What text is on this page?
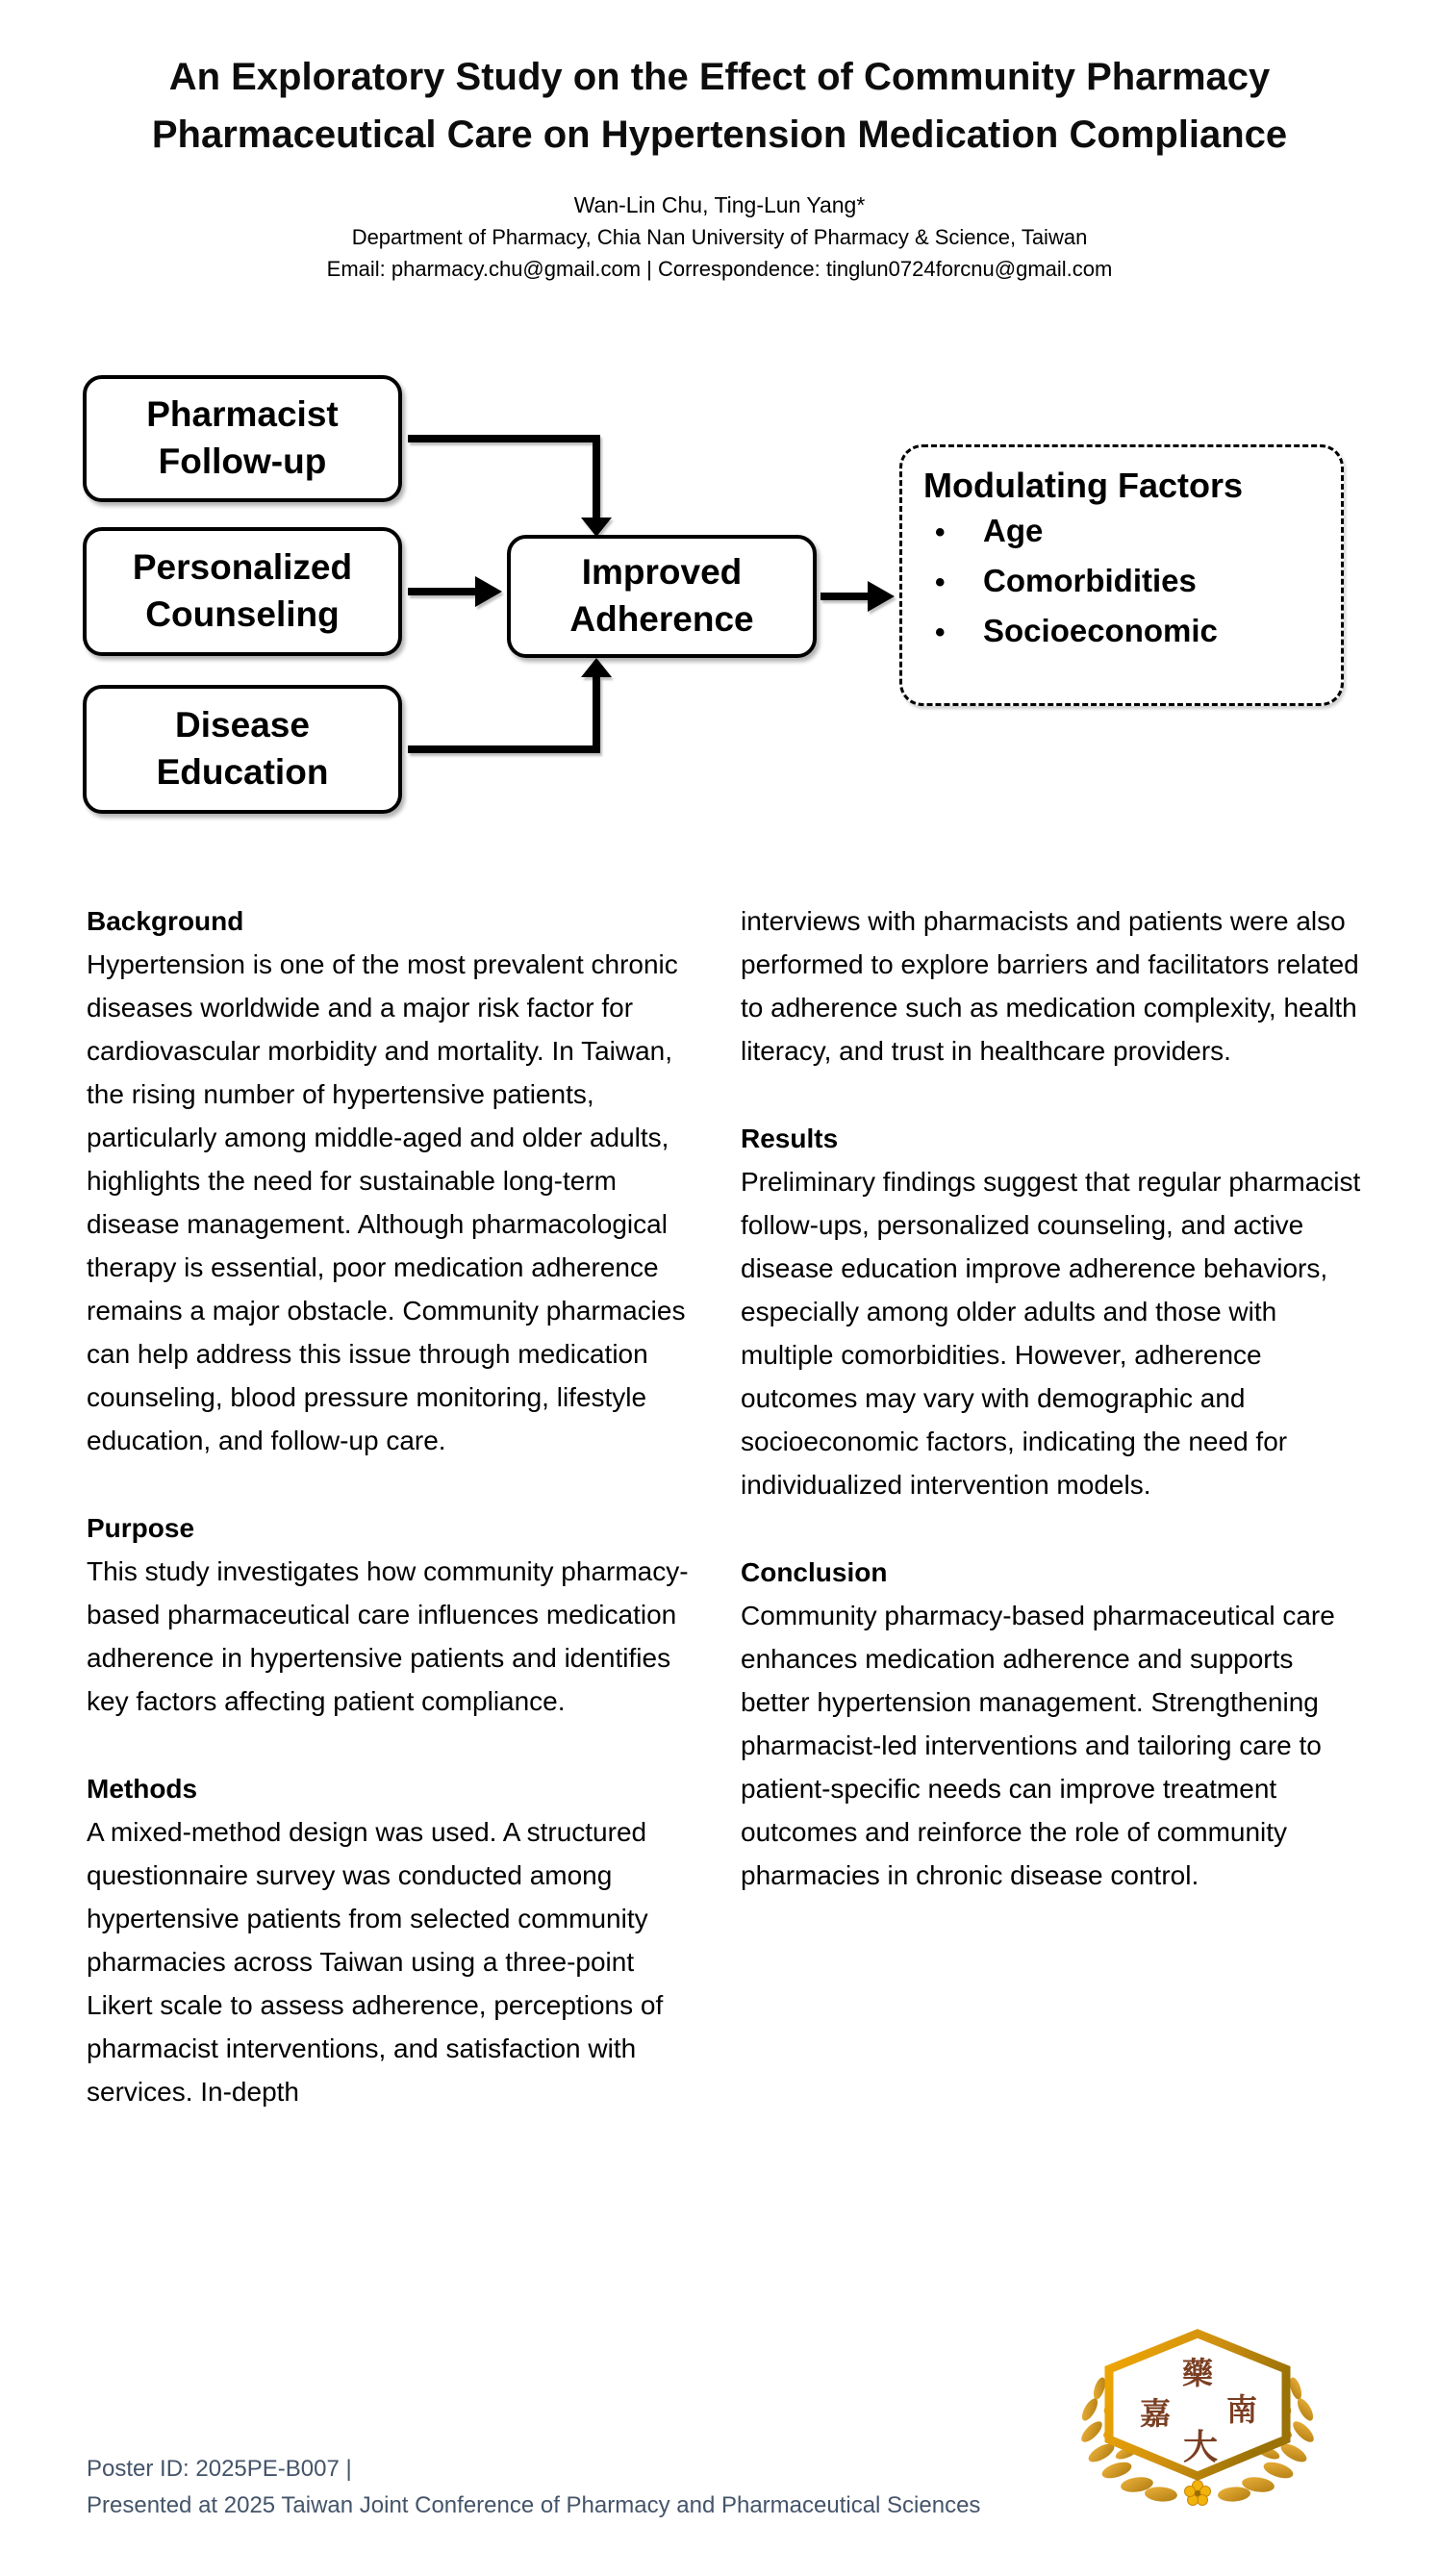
An Exploratory Study on the Effect of Community Pharmacy
Pharmaceutical Care on Hypertension Medication Compliance
Wan-Lin Chu, Ting-Lun Yang*
Department of Pharmacy, Chia Nan University of Pharmacy & Science, Taiwan
Email: pharmacy.chu@gmail.com | Correspondence: tinglun0724forcnu@gmail.com
Pharmacist Follow-up
Personalized Counseling
Disease Education
Improved Adherence
Modulating Factors
•	Age
•	Comorbidities
•	Socioeconomic
Background

Hypertension is one of the most prevalent chronic diseases worldwide and a major risk factor for cardiovascular morbidity and mortality. In Taiwan, the rising number of hypertensive patients, particularly among middle-aged and older adults, highlights the need for sustainable long-term disease management. Although pharmacological therapy is essential, poor medication adherence remains a major obstacle. Community pharmacies can help address this issue through medication counseling, blood pressure monitoring, lifestyle education, and follow-up care.

Purpose

This study investigates how community pharmacy-based pharmaceutical care influences medication adherence in hypertensive patients and identifies key factors affecting patient compliance.

Methods

A mixed-method design was used. A structured questionnaire survey was conducted among hypertensive patients from selected community pharmacies across Taiwan using a three-point Likert scale to assess adherence, perceptions of pharmacist interventions, and satisfaction with services. In-depth

interviews with pharmacists and patients were also performed to explore barriers and facilitators related to adherence such as medication complexity, health literacy, and trust in healthcare providers.

Results

Preliminary findings suggest that regular pharmacist follow-ups, personalized counseling, and active disease education improve adherence behaviors, especially among older adults and those with multiple comorbidities. However, adherence outcomes may vary with demographic and socioeconomic factors, indicating the need for individualized intervention models.

Conclusion

Community pharmacy-based pharmaceutical care enhances medication adherence and supports better hypertension management. Strengthening pharmacist-led interventions and tailoring care to patient-specific needs can improve treatment outcomes and reinforce the role of community pharmacies in chronic disease control.

Poster ID: 2025PE-B007 |
Presented at 2025 Taiwan Joint Conference of Pharmacy and Pharmaceutical Sciences
藥
嘉 南
大
